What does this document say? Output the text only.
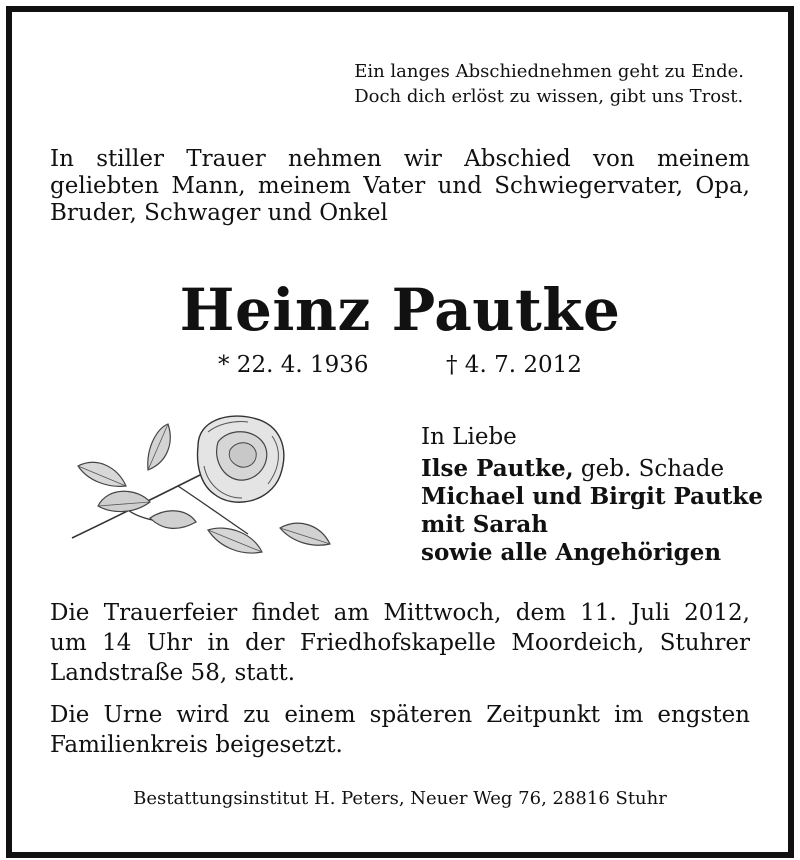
Ein langes Abschiednehmen geht zu Ende.
Doch dich erlöst zu wissen, gibt uns Trost.
In stiller Trauer nehmen wir Abschied von meinem
geliebten Mann, meinem Vater und Schwiegervater, Opa,
Bruder, Schwager und Onkel
Heinz Pautke
* 22. 4. 1936	† 4. 7. 2012
In Liebe
Ilse Pautke, geb. Schade
Michael und Birgit Pautke
mit Sarah
sowie alle Angehörigen
Die Trauerfeier findet am Mittwoch, dem 11. Juli 2012,
um 14 Uhr in der Friedhofskapelle Moordeich, Stuhrer
Landstraße 58, statt.
Die Urne wird zu einem späteren Zeitpunkt im engsten
Familienkreis beigesetzt.
Bestattungsinstitut H. Peters, Neuer Weg 76, 28816 Stuhr
